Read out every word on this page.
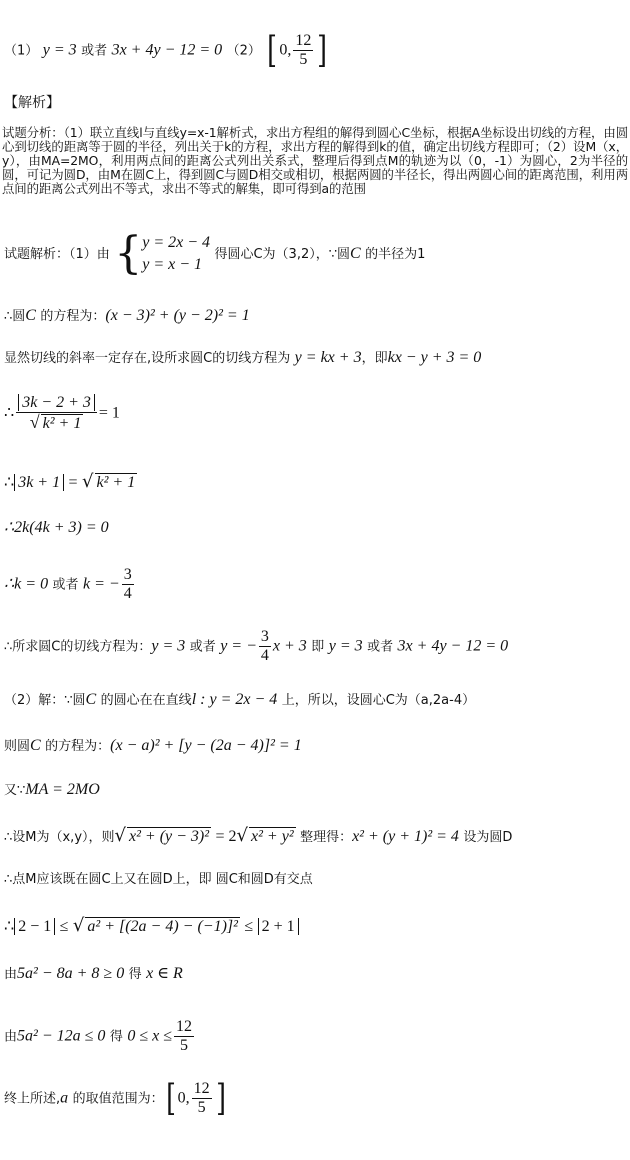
（1） y = 3 或者 3x + 4y − 12 = 0 （2） [ 0, $\frac{12}{5}$ ]
【解析】
试题分析：（1）联立直线l与直线y=x-1解析式，求出方程组的解得到圆心C坐标，根据A坐标设出切线的方程，由圆心到切线的距离等于圆的半径，列出关于k的方程，求出方程的解得到k的值，确定出切线方程即可；（2）设M（x，y），由MA=2MO，利用两点间的距离公式列出关系式，整理后得到点M的轨迹为以（0，-1）为圆心，2为半径的圆，可记为圆D，由M在圆C上，得到圆C与圆D相交或相切，根据两圆的半径长，得出两圆心间的距离范围，利用两点间的距离公式列出不等式，求出不等式的解集，即可得到a的范围
试题解析：（1）由 { y = 2x − 4
y = x − 1
得圆心C为（3,2），∵圆C 的半径为1
∴圆C 的方程为：(x − 3)² + (y − 2)² = 1
显然切线的斜率一定存在,设所求圆C的切线方程为 y = kx + 3，即kx − y + 3 = 0
∴ $\frac{3k - 2 + 3}{\text{√ k² + 1}} = 1$
∴ 3k + 1 = √ k² + 1
∴2k(4k + 3) = 0
∴k = 0 或者 k = − $\frac{3}{4}$
∴所求圆C的切线方程为：y = 3 或者 y = − $\frac{3}{4}$ x + 3 即 y = 3 或者 3x + 4y − 12 = 0
（2）解：∵圆C 的圆心在在直线l : y = 2x − 4 上，所以，设圆心C为（a,2a-4）
则圆C 的方程为：(x − a)² + [y − (2a − 4)]² = 1
又∵MA = 2MO
∴设M为（x,y），则√ x² + (y − 3)² = 2√ x² + y² 整理得：x² + (y + 1)² = 4 设为圆D
∴点M应该既在圆C上又在圆D上，即 圆C和圆D有交点
∴ 2 − 1 ≤ √ a² + [(2a − 4) − (−1)]² ≤ 2 + 1
由5a² − 8a + 8 ≥ 0 得 x ∈ R
由5a² − 12a ≤ 0 得 $0 \le x \le \frac{12}{5}$
终上所述,a 的取值范围为：[ 0, $\frac{12}{5}$ ]
